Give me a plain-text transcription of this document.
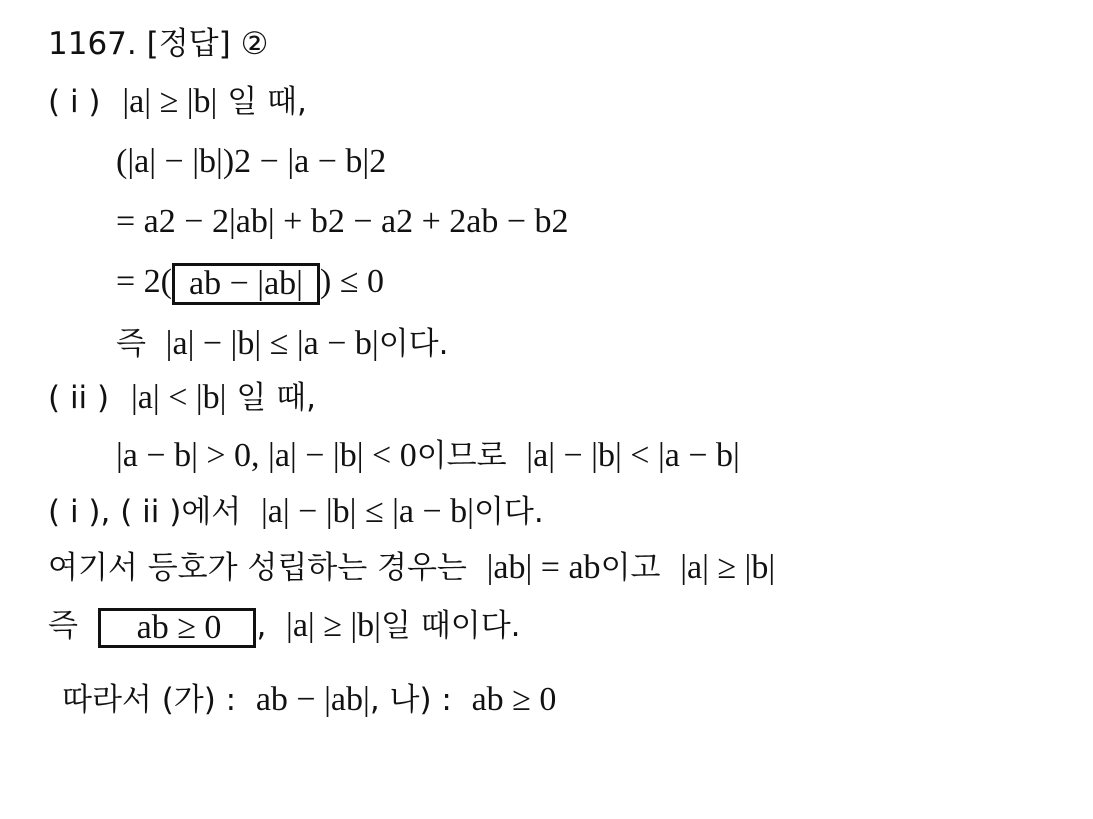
1167. [정답] ②
( i ) |a| ≥ |b| 일 때,
$(|a| - |b|)^2 - |a - b|^2$
= $a^2 - 2|ab| + b^2 - a^2 + 2ab - b^2$
= 2( ab − |ab| ) ≤ 0
즉 |a| − |b| ≤ |a − b|이다.
( ii ) |a| < |b| 일 때,
|a − b| > 0, |a| − |b| < 0이므로 |a| − |b| < |a − b|
( i ), ( ii )에서 |a| − |b| ≤ |a − b|이다.
여기서 등호가 성립하는 경우는 |ab| = ab이고 |a| ≥ |b|
즉 ab ≥ 0 , |a| ≥ |b|일 때이다.
따라서 (가) : ab − |ab|, 나) : ab ≥ 0
